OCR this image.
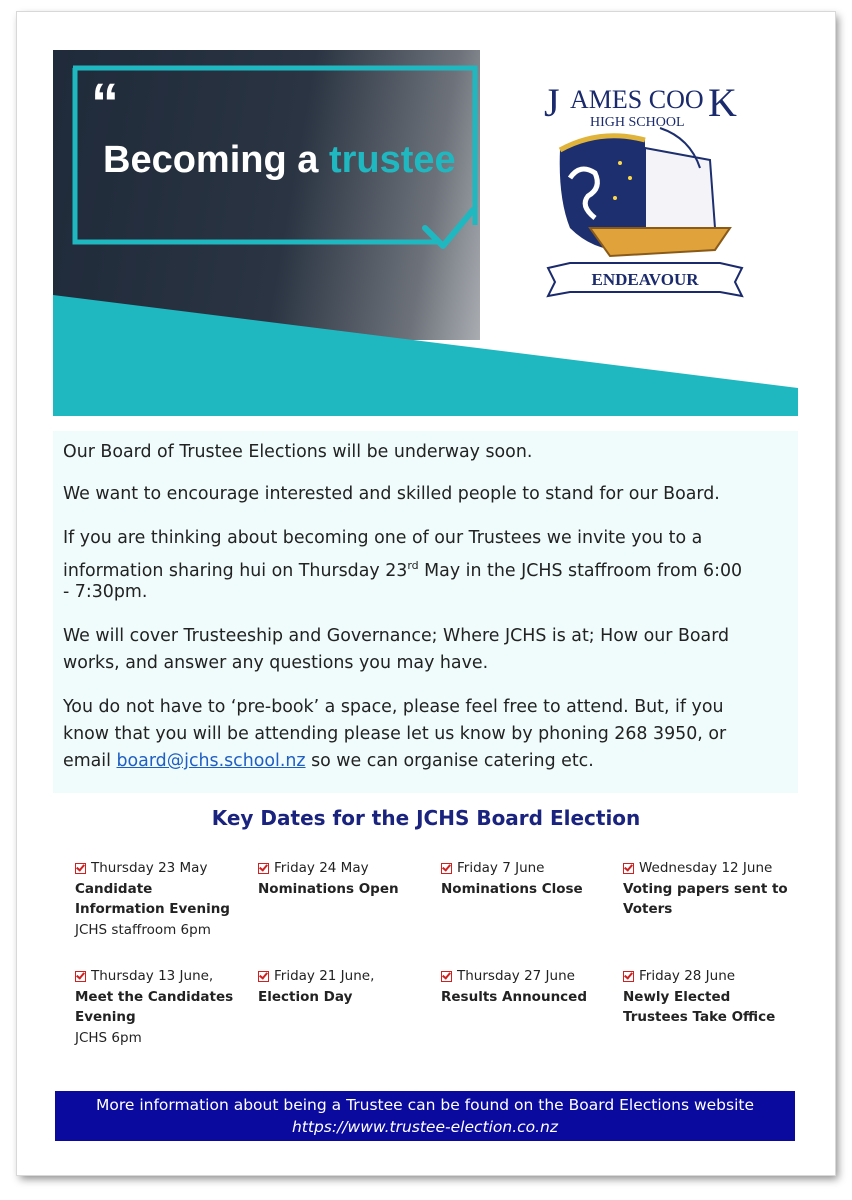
“
Becoming a trustee
J AMES COO K
HIGH SCHOOL
ENDEAVOUR

Our Board of Trustee Elections will be underway soon.

We want to encourage interested and skilled people to stand for our Board.

If you are thinking about becoming one of our Trustees we invite you to a

information sharing hui on Thursday 23rd May in the JCHS staffroom from 6:00

- 7:30pm.

We will cover Trusteeship and Governance; Where JCHS is at; How our Board

works, and answer any questions you may have.

You do not have to ‘pre-book’ a space, please feel free to attend. But, if you

know that you will be attending please let us know by phoning 268 3950, or

email board@jchs.school.nz so we can organise catering etc.

Key Dates for the JCHS Board Election
Thursday 23 May
Candidate
Information Evening
JCHS staffroom 6pm
Friday 24 May
Nominations Open
Friday 7 June
Nominations Close
Wednesday 12 June
Voting papers sent to
Voters
Thursday 13 June,
Meet the Candidates
Evening
JCHS 6pm
Friday 21 June,
Election Day
Thursday 27 June
Results Announced
Friday 28 June
Newly Elected
Trustees Take Office
More information about being a Trustee can be found on the Board Elections website
https://www.trustee-election.co.nz
